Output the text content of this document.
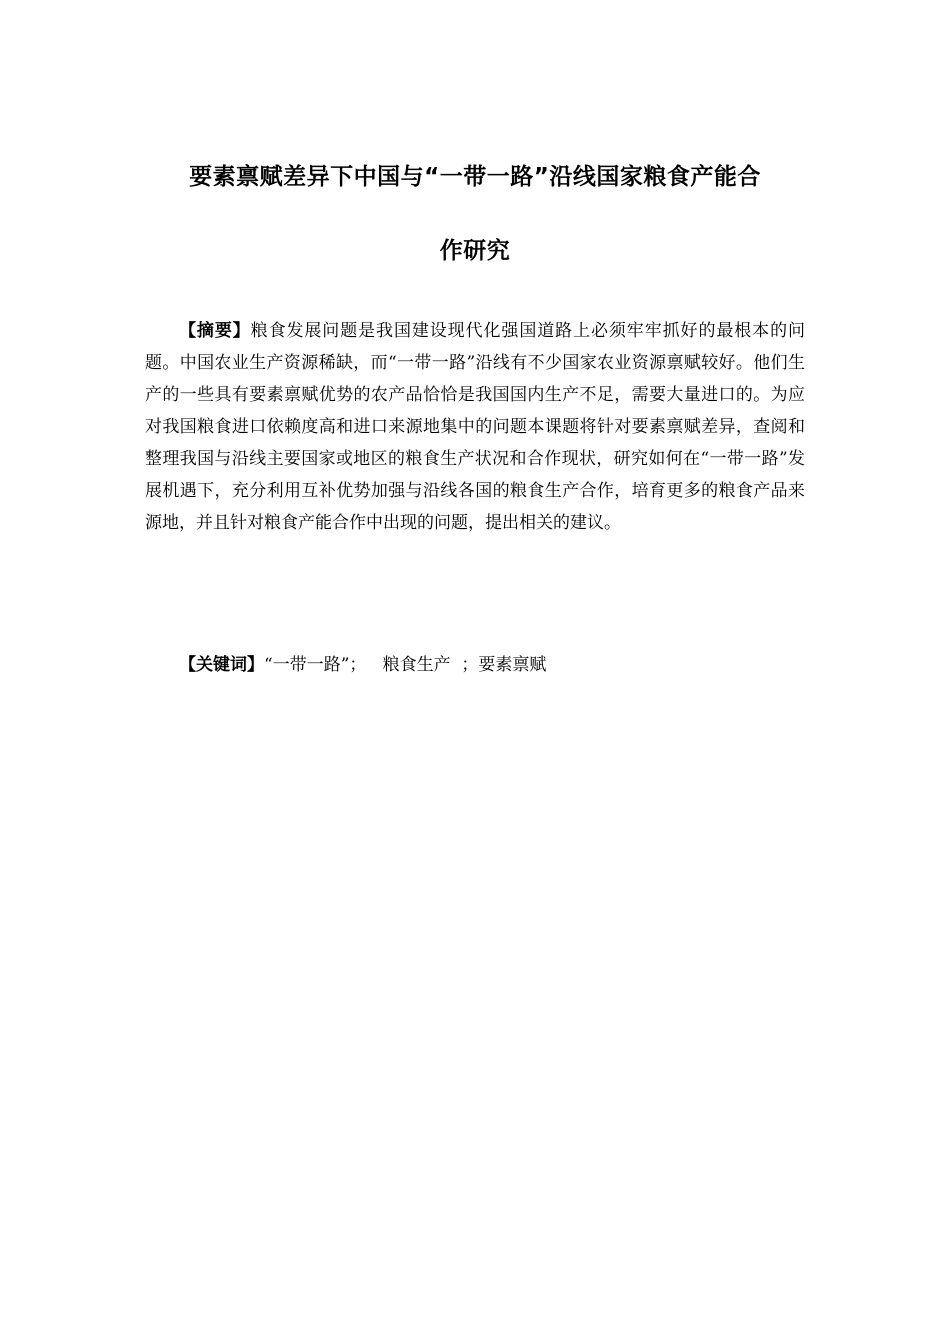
要素禀赋差异下中国与“一带一路”沿线国家粮食产能合
作研究

【摘要】粮食发展问题是我国建设现代化强国道路上必须牢牢抓好的最根本的问题。中国农业生产资源稀缺，而“一带一路”沿线有不少国家农业资源禀赋较好。他们生产的一些具有要素禀赋优势的农产品恰恰是我国国内生产不足，需要大量进口的。为应对我国粮食进口依赖度高和进口来源地集中的问题本课题将针对要素禀赋差异，查阅和整理我国与沿线主要国家或地区的粮食生产状况和合作现状，研究如何在“一带一路”发展机遇下，充分利用互补优势加强与沿线各国的粮食生产合作，培育更多的粮食产品来源地，并且针对粮食产能合作中出现的问题，提出相关的建议。

【关键词】“一带一路”； 粮食生产 ；要素禀赋
